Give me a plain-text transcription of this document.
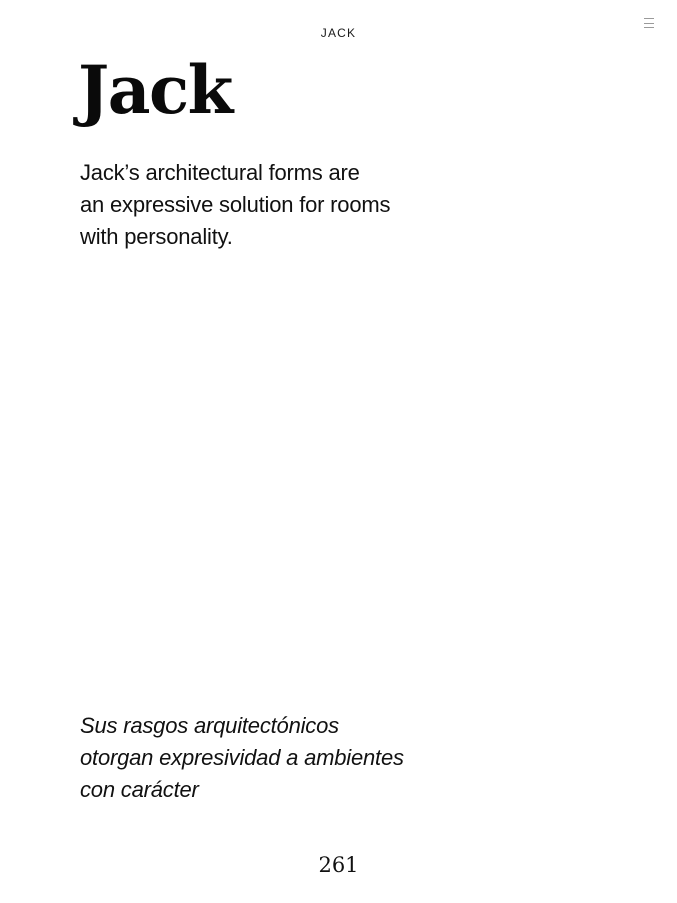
JACK
Jack

Jack’s architectural forms are
an expressive solution for rooms
with personality.

Sus rasgos arquitectónicos
otorgan expresividad a ambientes
con carácter

261
